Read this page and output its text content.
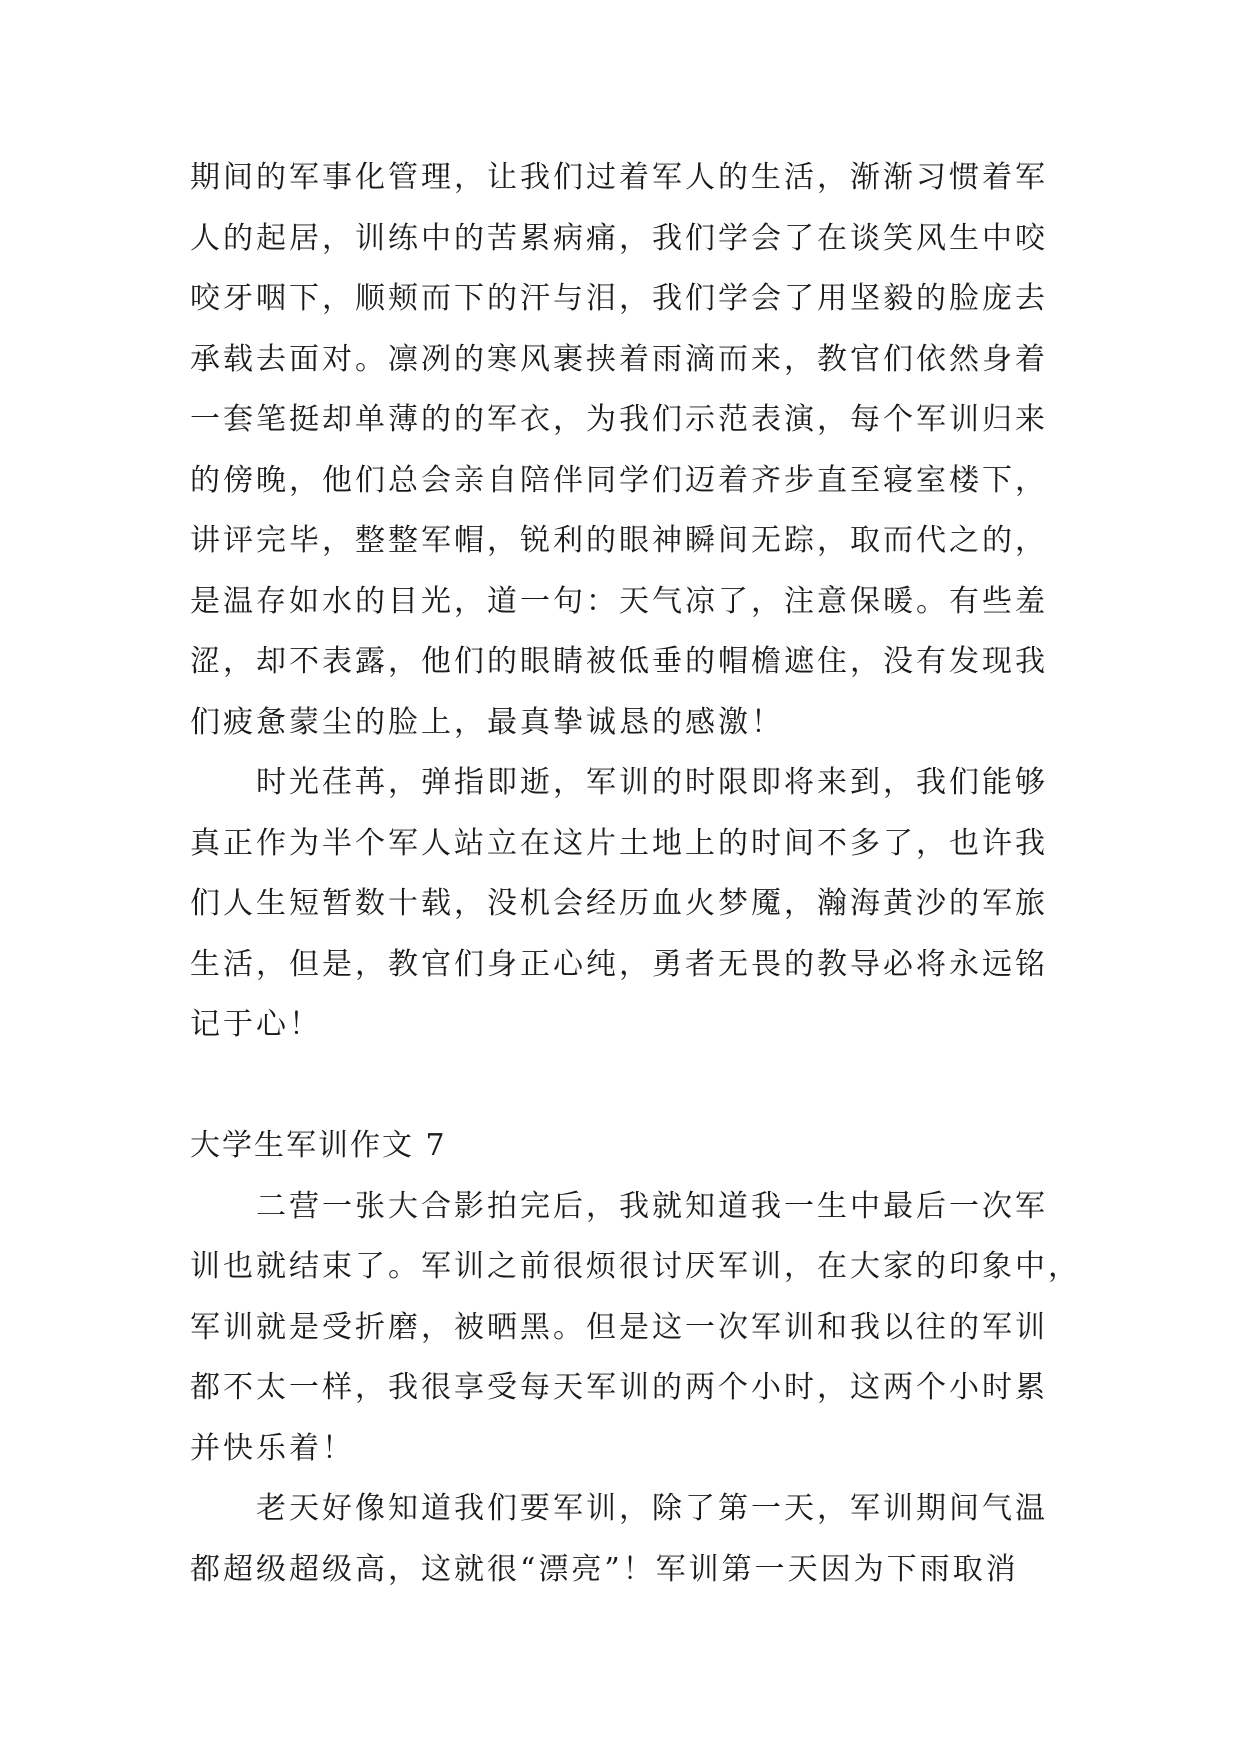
期间的军事化管理，让我们过着军人的生活，渐渐习惯着军
人的起居，训练中的苦累病痛，我们学会了在谈笑风生中咬
咬牙咽下，顺颊而下的汗与泪，我们学会了用坚毅的脸庞去
承载去面对。凛冽的寒风裹挟着雨滴而来，教官们依然身着
一套笔挺却单薄的的军衣，为我们示范表演，每个军训归来
的傍晚，他们总会亲自陪伴同学们迈着齐步直至寝室楼下，
讲评完毕，整整军帽，锐利的眼神瞬间无踪，取而代之的，
是温存如水的目光，道一句：天气凉了，注意保暖。有些羞
涩，却不表露，他们的眼睛被低垂的帽檐遮住，没有发现我
们疲惫蒙尘的脸上，最真挚诚恳的感激！
时光荏苒，弹指即逝，军训的时限即将来到，我们能够
真正作为半个军人站立在这片土地上的时间不多了，也许我
们人生短暂数十载，没机会经历血火梦魇，瀚海黄沙的军旅
生活，但是，教官们身正心纯，勇者无畏的教导必将永远铭
记于心！
大学生军训作文 7
二营一张大合影拍完后，我就知道我一生中最后一次军
训也就结束了。军训之前很烦很讨厌军训，在大家的印象中，
军训就是受折磨，被晒黑。但是这一次军训和我以往的军训
都不太一样，我很享受每天军训的两个小时，这两个小时累
并快乐着！
老天好像知道我们要军训，除了第一天，军训期间气温
都超级超级高，这就很“漂亮”！军训第一天因为下雨取消
